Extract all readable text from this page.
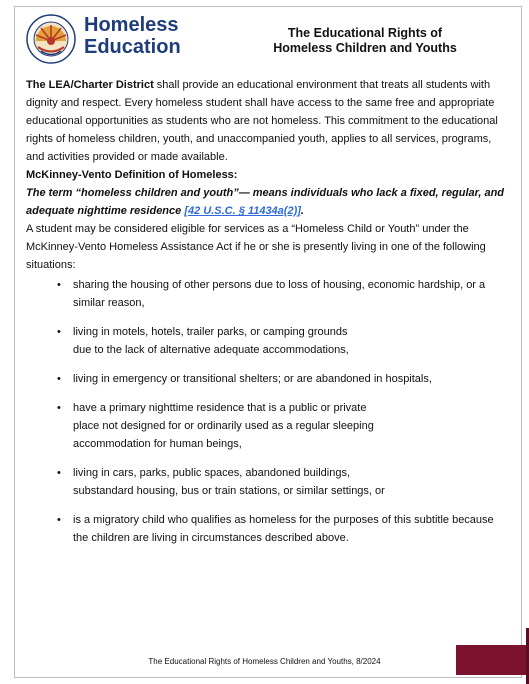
Homeless
Education
The Educational Rights of
Homeless Children and Youths

The LEA/Charter District shall provide an educational environment that treats all students with dignity and respect. Every homeless student shall have access to the same free and appropriate educational opportunities as students who are not homeless. This commitment to the educational rights of homeless children, youth, and unaccompanied youth, applies to all services, programs, and activities provided or made available.

McKinney-Vento Definition of Homeless:

The term “homeless children and youth”— means individuals who lack a fixed, regular, and adequate nighttime residence [42 U.S.C. § 11434a(2)].

A student may be considered eligible for services as a “Homeless Child or Youth” under the McKinney-Vento Homeless Assistance Act if he or she is presently living in one of the following situations:

• sharing the housing of other persons due to loss of housing, economic hardship, or a similar reason,
• living in motels, hotels, trailer parks, or camping grounds due to the lack of alternative adequate accommodations,
• living in emergency or transitional shelters; or are abandoned in hospitals,
• have a primary nighttime residence that is a public or private place not designed for or ordinarily used as a regular sleeping accommodation for human beings,
• living in cars, parks, public spaces, abandoned buildings, substandard housing, bus or train stations, or similar settings, or
• is a migratory child who qualifies as homeless for the purposes of this subtitle because the children are living in circumstances described above.
The Educational Rights of Homeless Children and Youths, 8/2024
